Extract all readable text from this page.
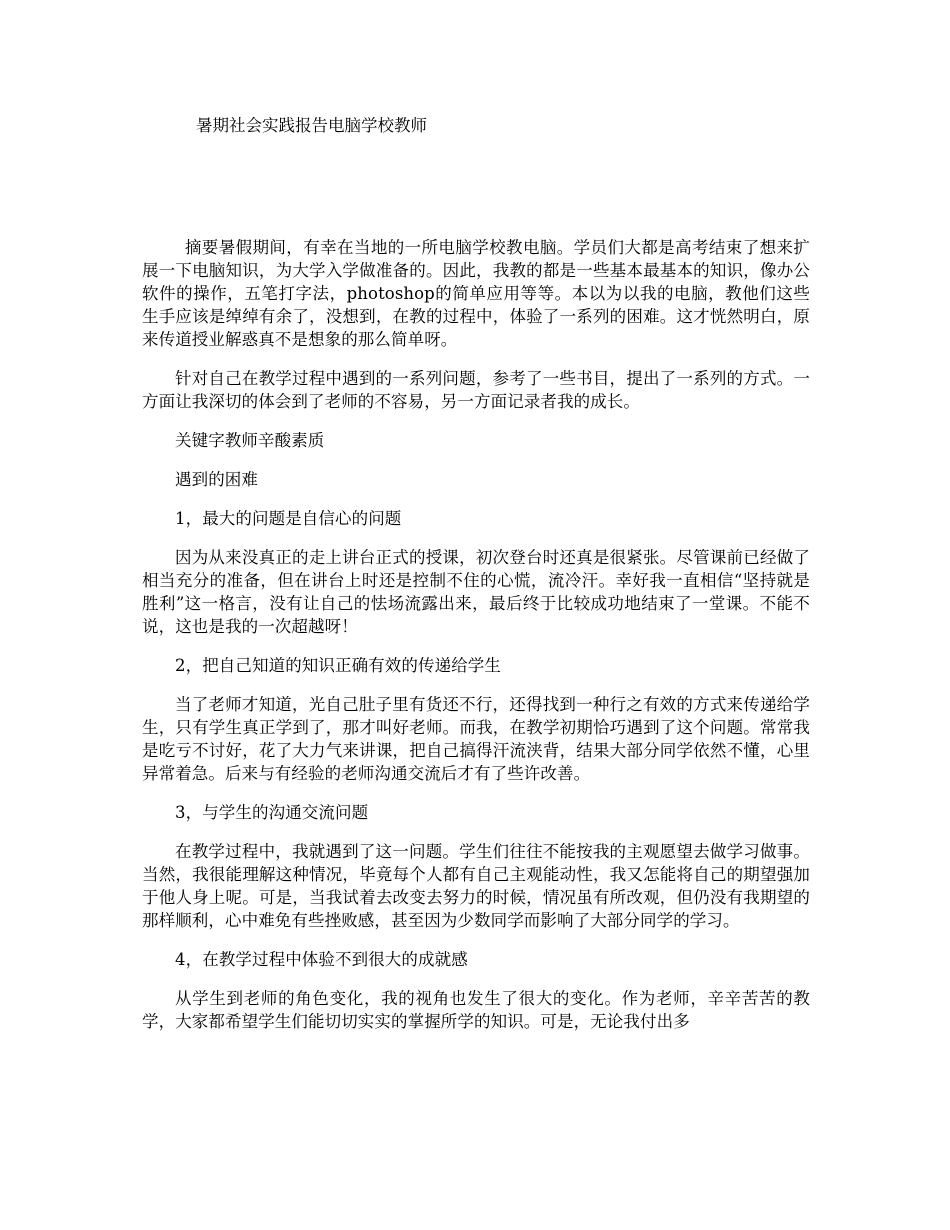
暑期社会实践报告电脑学校教师

摘要暑假期间，有幸在当地的一所电脑学校教电脑。学员们大都是高考结束了想来扩展一下电脑知识，为大学入学做准备的。因此，我教的都是一些基本最基本的知识，像办公软件的操作，五笔打字法，photoshop的简单应用等等。本以为以我的电脑，教他们这些生手应该是绰绰有余了，没想到，在教的过程中，体验了一系列的困难。这才恍然明白，原来传道授业解惑真不是想象的那么简单呀。

针对自己在教学过程中遇到的一系列问题，参考了一些书目，提出了一系列的方式。一方面让我深切的体会到了老师的不容易，另一方面记录者我的成长。

关键字教师辛酸素质

遇到的困难

1，最大的问题是自信心的问题

因为从来没真正的走上讲台正式的授课，初次登台时还真是很紧张。尽管课前已经做了相当充分的准备，但在讲台上时还是控制不住的心慌，流冷汗。幸好我一直相信“坚持就是胜利”这一格言，没有让自己的怯场流露出来，最后终于比较成功地结束了一堂课。不能不说，这也是我的一次超越呀！

2，把自己知道的知识正确有效的传递给学生

当了老师才知道，光自己肚子里有货还不行，还得找到一种行之有效的方式来传递给学生，只有学生真正学到了，那才叫好老师。而我，在教学初期恰巧遇到了这个问题。常常我是吃亏不讨好，花了大力气来讲课，把自己搞得汗流浃背，结果大部分同学依然不懂，心里异常着急。后来与有经验的老师沟通交流后才有了些许改善。

3，与学生的沟通交流问题

在教学过程中，我就遇到了这一问题。学生们往往不能按我的主观愿望去做学习做事。当然，我很能理解这种情况，毕竟每个人都有自己主观能动性，我又怎能将自己的期望强加于他人身上呢。可是，当我试着去改变去努力的时候，情况虽有所改观，但仍没有我期望的那样顺利，心中难免有些挫败感，甚至因为少数同学而影响了大部分同学的学习。

4，在教学过程中体验不到很大的成就感

从学生到老师的角色变化，我的视角也发生了很大的变化。作为老师，辛辛苦苦的教学，大家都希望学生们能切切实实的掌握所学的知识。可是，无论我付出多
